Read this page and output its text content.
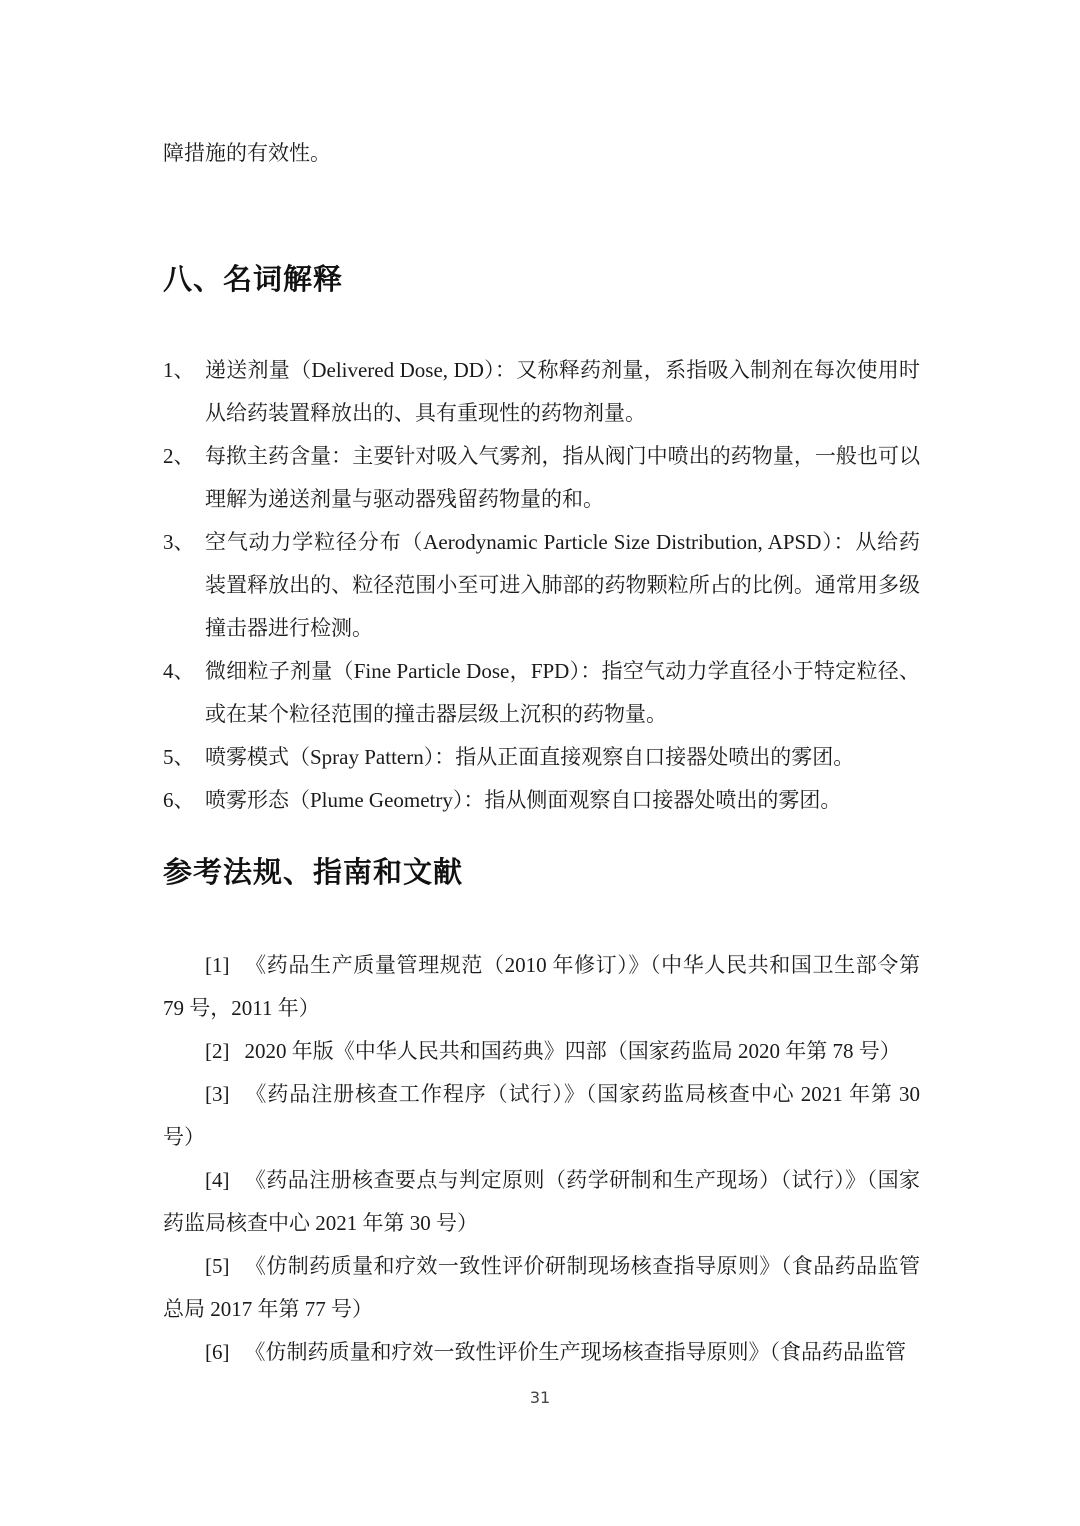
障措施的有效性。

八、名词解释
1、 递送剂量（Delivered Dose, DD）：又称释药剂量，系指吸入制剂在每次使用时从给药装置释放出的、具有重现性的药物剂量。
2、 每揿主药含量：主要针对吸入气雾剂，指从阀门中喷出的药物量，一般也可以理解为递送剂量与驱动器残留药物量的和。
3、 空气动力学粒径分布（Aerodynamic Particle Size Distribution, APSD）：从给药装置释放出的、粒径范围小至可进入肺部的药物颗粒所占的比例。通常用多级撞击器进行检测。
4、 微细粒子剂量（Fine Particle Dose，FPD）：指空气动力学直径小于特定粒径、或在某个粒径范围的撞击器层级上沉积的药物量。
5、 喷雾模式（Spray Pattern）：指从正面直接观察自口接器处喷出的雾团。
6、 喷雾形态（Plume Geometry）：指从侧面观察自口接器处喷出的雾团。
参考法规、指南和文献

[1] 《药品生产质量管理规范（2010 年修订）》（中华人民共和国卫生部令第 79 号，2011 年）

[2] 2020 年版《中华人民共和国药典》四部（国家药监局 2020 年第 78 号）

[3] 《药品注册核查工作程序（试行）》（国家药监局核查中心 2021 年第 30 号）

[4] 《药品注册核查要点与判定原则（药学研制和生产现场）（试行）》（国家药监局核查中心 2021 年第 30 号）

[5] 《仿制药质量和疗效一致性评价研制现场核查指导原则》（食品药品监管总局 2017 年第 77 号）

[6] 《仿制药质量和疗效一致性评价生产现场核查指导原则》（食品药品监管

31
